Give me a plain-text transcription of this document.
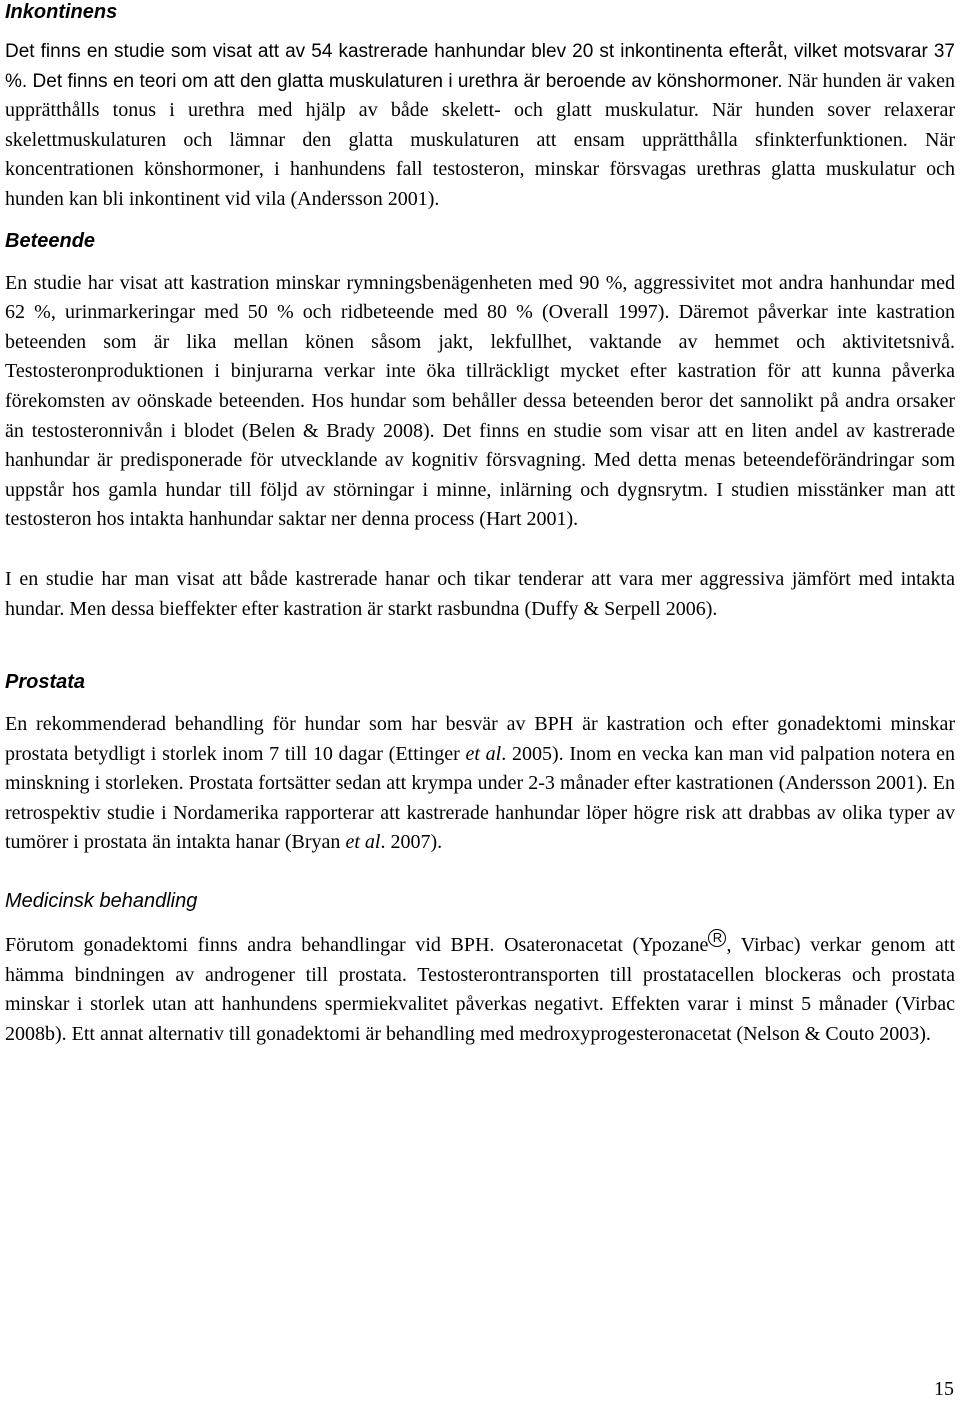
Inkontinens

Det finns en studie som visat att av 54 kastrerade hanhundar blev 20 st inkontinenta efteråt, vilket motsvarar 37 %. Det finns en teori om att den glatta muskulaturen i urethra är beroende av könshormoner. När hunden är vaken upprätthålls tonus i urethra med hjälp av både skelett- och glatt muskulatur. När hunden sover relaxerar skelettmuskulaturen och lämnar den glatta muskulaturen att ensam upprätthålla sfinkterfunktionen. När koncentrationen könshormoner, i hanhundens fall testosteron, minskar försvagas urethras glatta muskulatur och hunden kan bli inkontinent vid vila (Andersson 2001).

Beteende

En studie har visat att kastration minskar rymningsbenägenheten med 90 %, aggressivitet mot andra hanhundar med 62 %, urinmarkeringar med 50 % och ridbeteende med 80 % (Overall 1997). Däremot påverkar inte kastration beteenden som är lika mellan könen såsom jakt, lekfullhet, vaktande av hemmet och aktivitetsnivå. Testosteronproduktionen i binjurarna verkar inte öka tillräckligt mycket efter kastration för att kunna påverka förekomsten av oönskade beteenden. Hos hundar som behåller dessa beteenden beror det sannolikt på andra orsaker än testosteronnivån i blodet (Belen & Brady 2008). Det finns en studie som visar att en liten andel av kastrerade hanhundar är predisponerade för utvecklande av kognitiv försvagning. Med detta menas beteendeförändringar som uppstår hos gamla hundar till följd av störningar i minne, inlärning och dygnsrytm. I studien misstänker man att testosteron hos intakta hanhundar saktar ner denna process (Hart 2001).

I en studie har man visat att både kastrerade hanar och tikar tenderar att vara mer aggressiva jämfört med intakta hundar. Men dessa bieffekter efter kastration är starkt rasbundna (Duffy & Serpell 2006).

Prostata

En rekommenderad behandling för hundar som har besvär av BPH är kastration och efter gonadektomi minskar prostata betydligt i storlek inom 7 till 10 dagar (Ettinger et al. 2005). Inom en vecka kan man vid palpation notera en minskning i storleken. Prostata fortsätter sedan att krympa under 2-3 månader efter kastrationen (Andersson 2001). En retrospektiv studie i Nordamerika rapporterar att kastrerade hanhundar löper högre risk att drabbas av olika typer av tumörer i prostata än intakta hanar (Bryan et al. 2007).

Medicinsk behandling

Förutom gonadektomi finns andra behandlingar vid BPH. Osateronacetat (Ypozane R , Virbac) verkar genom att hämma bindningen av androgener till prostata. Testosterontransporten till prostatacellen blockeras och prostata minskar i storlek utan att hanhundens spermiekvalitet påverkas negativt. Effekten varar i minst 5 månader (Virbac 2008b). Ett annat alternativ till gonadektomi är behandling med medroxyprogesteronacetat (Nelson & Couto 2003).

15
